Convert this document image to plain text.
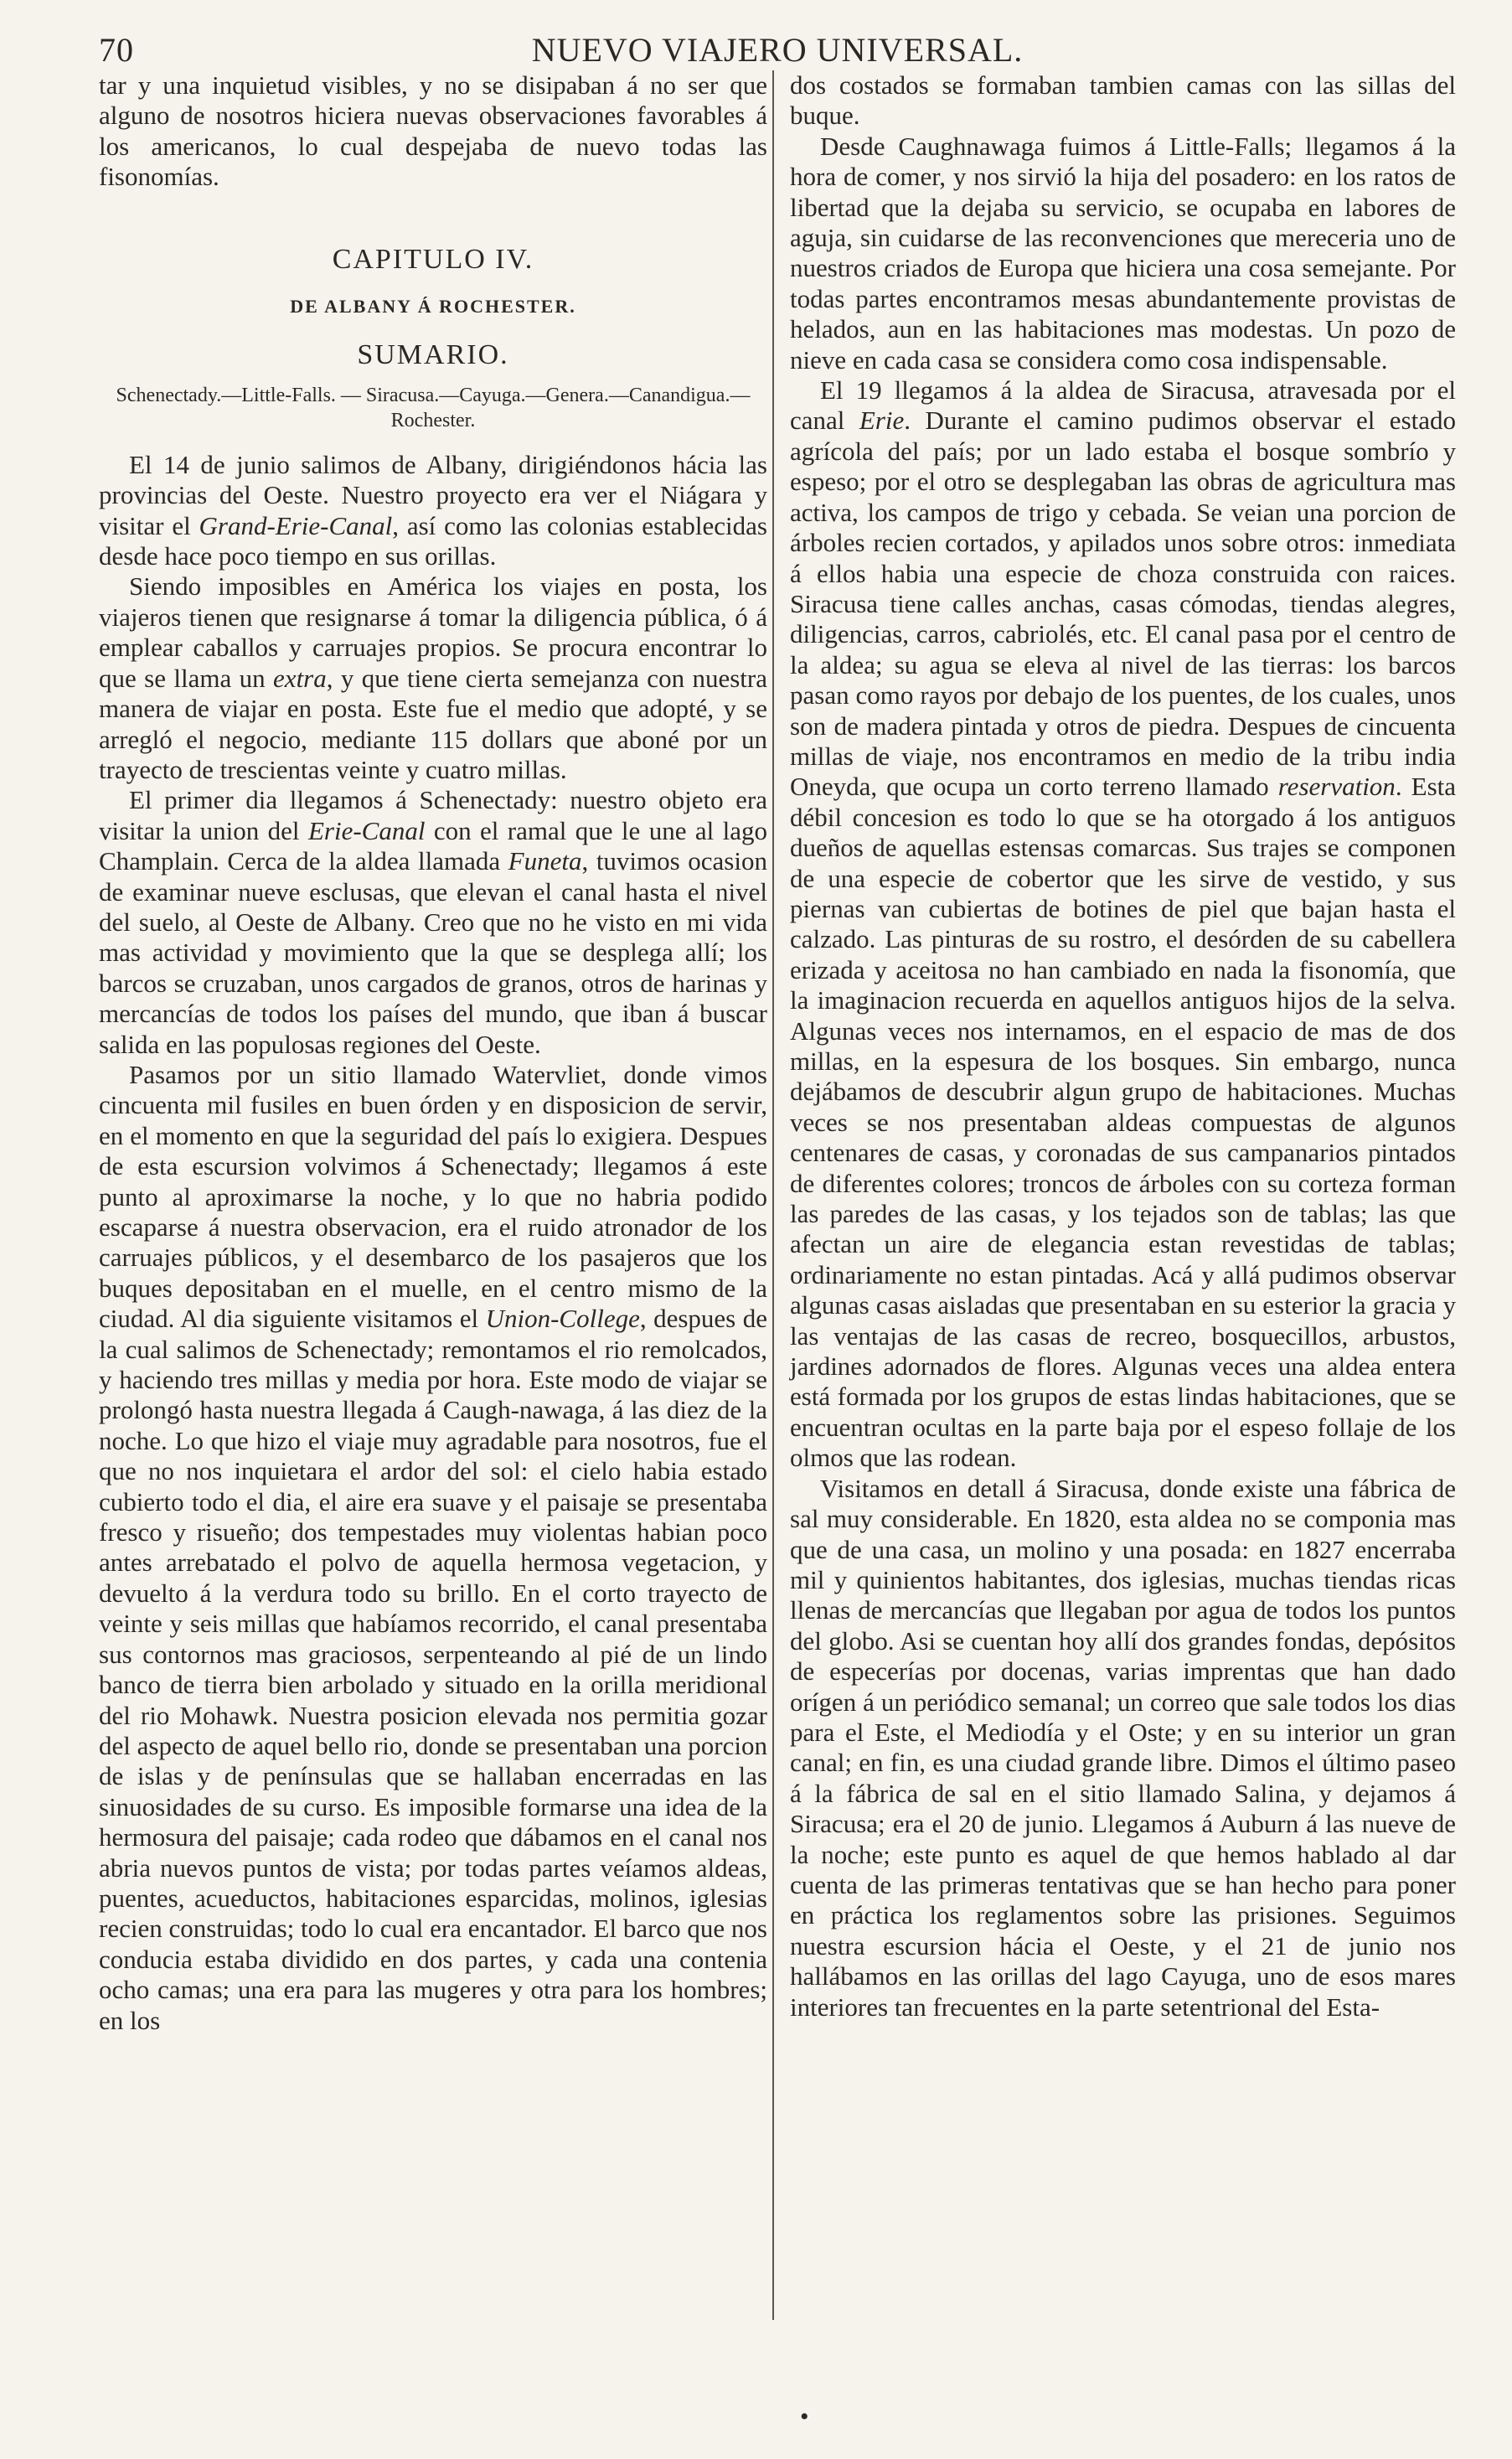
70	NUEVO VIAJERO UNIVERSAL.

tar y una inquietud visibles, y no se disipaban á no ser que alguno de nosotros hiciera nuevas observaciones favorables á los americanos, lo cual despejaba de nuevo todas las fisonomías.

CAPITULO IV.
DE ALBANY Á ROCHESTER.
SUMARIO.
Schenectady.—Little-Falls. — Siracusa.—Cayuga.—Genera.—Canandigua.—Rochester.

El 14 de junio salimos de Albany, dirigiéndonos hácia las provincias del Oeste. Nuestro proyecto era ver el Niágara y visitar el Grand-Erie-Canal, así como las colonias establecidas desde hace poco tiempo en sus orillas.

Siendo imposibles en América los viajes en posta, los viajeros tienen que resignarse á tomar la diligencia pública, ó á emplear caballos y carruajes propios. Se procura encontrar lo que se llama un extra, y que tiene cierta semejanza con nuestra manera de viajar en posta. Este fue el medio que adopté, y se arregló el negocio, mediante 115 dollars que aboné por un trayecto de trescientas veinte y cuatro millas.

El primer dia llegamos á Schenectady: nuestro objeto era visitar la union del Erie-Canal con el ramal que le une al lago Champlain. Cerca de la aldea llamada Funeta, tuvimos ocasion de examinar nueve esclusas, que elevan el canal hasta el nivel del suelo, al Oeste de Albany. Creo que no he visto en mi vida mas actividad y movimiento que la que se desplega allí; los barcos se cruzaban, unos cargados de granos, otros de harinas y mercancías de todos los países del mundo, que iban á buscar salida en las populosas regiones del Oeste.

Pasamos por un sitio llamado Watervliet, donde vimos cincuenta mil fusiles en buen órden y en disposicion de servir, en el momento en que la seguridad del país lo exigiera. Despues de esta escursion volvimos á Schenectady; llegamos á este punto al aproximarse la noche, y lo que no habria podido escaparse á nuestra observacion, era el ruido atronador de los carruajes públicos, y el desembarco de los pasajeros que los buques depositaban en el muelle, en el centro mismo de la ciudad. Al dia siguiente visitamos el Union-College, despues de la cual salimos de Schenectady; remontamos el rio remolcados, y haciendo tres millas y media por hora. Este modo de viajar se prolongó hasta nuestra llegada á Caugh-nawaga, á las diez de la noche. Lo que hizo el viaje muy agradable para nosotros, fue el que no nos inquietara el ardor del sol: el cielo habia estado cubierto todo el dia, el aire era suave y el paisaje se presentaba fresco y risueño; dos tempestades muy violentas habian poco antes arrebatado el polvo de aquella hermosa vegetacion, y devuelto á la verdura todo su brillo. En el corto trayecto de veinte y seis millas que habíamos recorrido, el canal presentaba sus contornos mas graciosos, serpenteando al pié de un lindo banco de tierra bien arbolado y situado en la orilla meridional del rio Mohawk. Nuestra posicion elevada nos permitia gozar del aspecto de aquel bello rio, donde se presentaban una porcion de islas y de penínsulas que se hallaban encerradas en las sinuosidades de su curso. Es imposible formarse una idea de la hermosura del paisaje; cada rodeo que dábamos en el canal nos abria nuevos puntos de vista; por todas partes veíamos aldeas, puentes, acueductos, habitaciones esparcidas, molinos, iglesias recien construidas; todo lo cual era encantador. El barco que nos conducia estaba dividido en dos partes, y cada una contenia ocho camas; una era para las mugeres y otra para los hombres; en los

dos costados se formaban tambien camas con las sillas del buque.

Desde Caughnawaga fuimos á Little-Falls; llegamos á la hora de comer, y nos sirvió la hija del posadero: en los ratos de libertad que la dejaba su servicio, se ocupaba en labores de aguja, sin cuidarse de las reconvenciones que mereceria uno de nuestros criados de Europa que hiciera una cosa semejante. Por todas partes encontramos mesas abundantemente provistas de helados, aun en las habitaciones mas modestas. Un pozo de nieve en cada casa se considera como cosa indispensable.

El 19 llegamos á la aldea de Siracusa, atravesada por el canal Erie. Durante el camino pudimos observar el estado agrícola del país; por un lado estaba el bosque sombrío y espeso; por el otro se desplegaban las obras de agricultura mas activa, los campos de trigo y cebada. Se veian una porcion de árboles recien cortados, y apilados unos sobre otros: inmediata á ellos habia una especie de choza construida con raices. Siracusa tiene calles anchas, casas cómodas, tiendas alegres, diligencias, carros, cabriolés, etc. El canal pasa por el centro de la aldea; su agua se eleva al nivel de las tierras: los barcos pasan como rayos por debajo de los puentes, de los cuales, unos son de madera pintada y otros de piedra. Despues de cincuenta millas de viaje, nos encontramos en medio de la tribu india Oneyda, que ocupa un corto terreno llamado reservation. Esta débil concesion es todo lo que se ha otorgado á los antiguos dueños de aquellas estensas comarcas. Sus trajes se componen de una especie de cobertor que les sirve de vestido, y sus piernas van cubiertas de botines de piel que bajan hasta el calzado. Las pinturas de su rostro, el desórden de su cabellera erizada y aceitosa no han cambiado en nada la fisonomía, que la imaginacion recuerda en aquellos antiguos hijos de la selva. Algunas veces nos internamos, en el espacio de mas de dos millas, en la espesura de los bosques. Sin embargo, nunca dejábamos de descubrir algun grupo de habitaciones. Muchas veces se nos presentaban aldeas compuestas de algunos centenares de casas, y coronadas de sus campanarios pintados de diferentes colores; troncos de árboles con su corteza forman las paredes de las casas, y los tejados son de tablas; las que afectan un aire de elegancia estan revestidas de tablas; ordinariamente no estan pintadas. Acá y allá pudimos observar algunas casas aisladas que presentaban en su esterior la gracia y las ventajas de las casas de recreo, bosquecillos, arbustos, jardines adornados de flores. Algunas veces una aldea entera está formada por los grupos de estas lindas habitaciones, que se encuentran ocultas en la parte baja por el espeso follaje de los olmos que las rodean.

Visitamos en detall á Siracusa, donde existe una fábrica de sal muy considerable. En 1820, esta aldea no se componia mas que de una casa, un molino y una posada: en 1827 encerraba mil y quinientos habitantes, dos iglesias, muchas tiendas ricas llenas de mercancías que llegaban por agua de todos los puntos del globo. Asi se cuentan hoy allí dos grandes fondas, depósitos de especerías por docenas, varias imprentas que han dado orígen á un periódico semanal; un correo que sale todos los dias para el Este, el Mediodía y el Oste; y en su interior un gran canal; en fin, es una ciudad grande libre. Dimos el último paseo á la fábrica de sal en el sitio llamado Salina, y dejamos á Siracusa; era el 20 de junio. Llegamos á Auburn á las nueve de la noche; este punto es aquel de que hemos hablado al dar cuenta de las primeras tentativas que se han hecho para poner en práctica los reglamentos sobre las prisiones. Seguimos nuestra escursion hácia el Oeste, y el 21 de junio nos hallábamos en las orillas del lago Cayuga, uno de esos mares interiores tan frecuentes en la parte setentrional del Esta-

•
